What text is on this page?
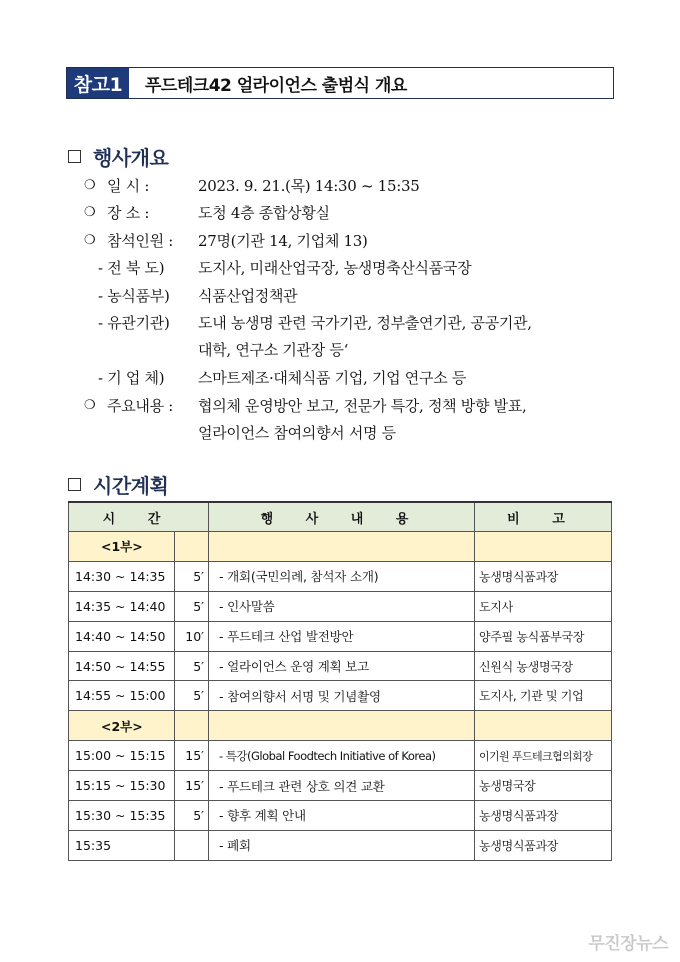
참고1	푸드테크42 얼라이언스 출범식 개요
행사개요
❍ 일 시 :	2023. 9. 21.(목) 14:30 ~ 15:35
❍ 장 소 :	도청 4층 종합상황실
❍ 참석인원 : 27명(기관 14, 기업체 13)
- 전 북 도) 도지사, 미래산업국장, 농생명축산식품국장
- 농식품부) 식품산업정책관
- 유관기관) 도내 농생명 관련 국가기관, 정부출연기관, 공공기관,
대학, 연구소 기관장 등‘
- 기 업 체) 스마트제조·대체식품 기업, 기업 연구소 등
❍ 주요내용 : 협의체 운영방안 보고, 전문가 특강, 정책 방향 발표,
얼라이언스 참여의향서 서명 등
시간계획
시 간		행 사 내 용	비 고
<1부>			
14:30 ~ 14:35	5′	- 개회(국민의례, 참석자 소개)	농생명식품과장
14:35 ~ 14:40	5′	- 인사말씀	도지사
14:40 ~ 14:50	10′	- 푸드테크 산업 발전방안	양주필 농식품부국장
14:50 ~ 14:55	5′	- 얼라이언스 운영 계획 보고	신원식 농생명국장
14:55 ~ 15:00	5′	- 참여의향서 서명 및 기념촬영	도지사, 기관 및 기업
<2부>			
15:00 ~ 15:15	15′	- 특강(Global Foodtech Initiative of Korea)	이기원 푸드테크협의회장
15:15 ~ 15:30	15′	- 푸드테크 관련 상호 의견 교환	농생명국장
15:30 ~ 15:35	5′	- 향후 계획 안내	농생명식품과장
15:35		- 폐회	농생명식품과장
무진장뉴스
